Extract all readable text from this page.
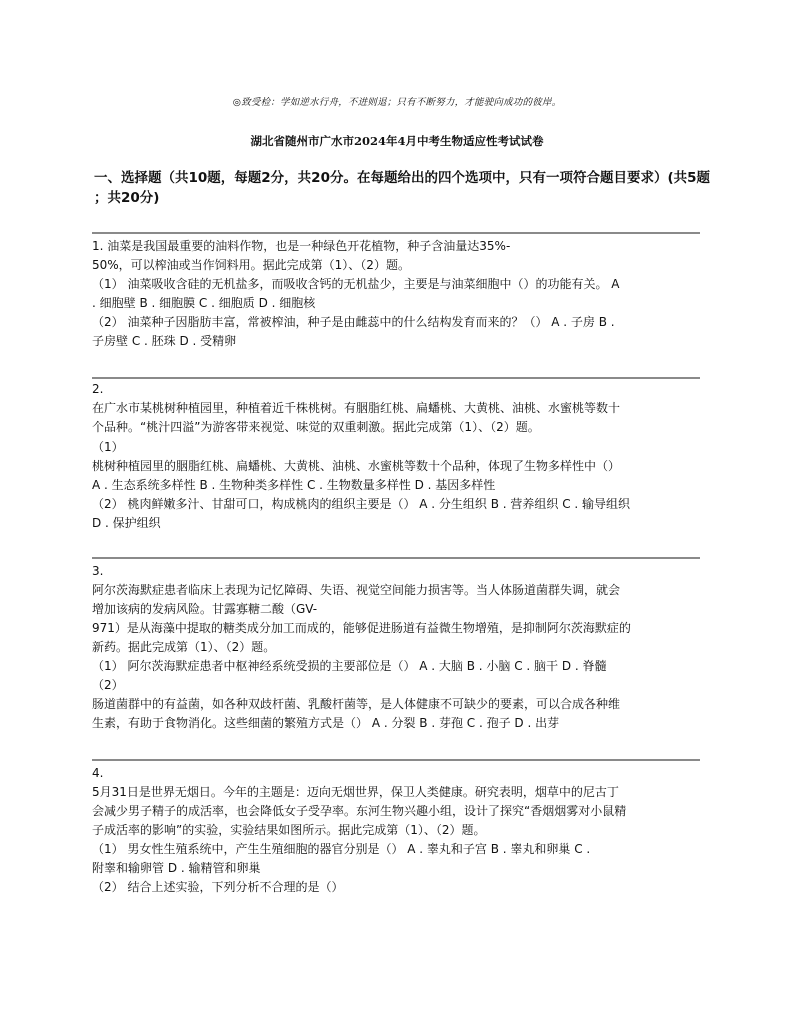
◎致受检：学如逆水行舟，不进则退；只有不断努力，才能驶向成功的彼岸。
湖北省随州市广水市2024年4月中考生物适应性考试试卷
一、选择题（共10题，每题2分，共20分。在每题给出的四个选项中，只有一项符合题目要求）(共5题
；共20分)
1. 油菜是我国最重要的油料作物，也是一种绿色开花植物，种子含油量达35%-
50%，可以榨油或当作饲料用。据此完成第（1）、（2）题。
（1） 油菜吸收含硅的无机盐多，而吸收含钙的无机盐少，主要是与油菜细胞中（）的功能有关。 A
. 细胞壁 B . 细胞膜 C . 细胞质 D . 细胞核
（2） 油菜种子因脂肪丰富，常被榨油，种子是由雌蕊中的什么结构发育而来的？（） A . 子房 B .
子房壁 C . 胚珠 D . 受精卵
2.
在广水市某桃树种植园里，种植着近千株桃树。有胭脂红桃、扁蟠桃、大黄桃、油桃、水蜜桃等数十
个品种。“桃汁四溢”为游客带来视觉、味觉的双重刺激。据此完成第（1）、（2）题。
（1）
桃树种植园里的胭脂红桃、扁蟠桃、大黄桃、油桃、水蜜桃等数十个品种，体现了生物多样性中（）
A . 生态系统多样性 B . 生物种类多样性 C . 生物数量多样性 D . 基因多样性
（2） 桃肉鲜嫩多汁、甘甜可口，构成桃肉的组织主要是（） A . 分生组织 B . 营养组织 C . 输导组织
D . 保护组织
3.
阿尔茨海默症患者临床上表现为记忆障碍、失语、视觉空间能力损害等。当人体肠道菌群失调，就会
增加该病的发病风险。甘露寡糖二酸（GV-
971）是从海藻中提取的糖类成分加工而成的，能够促进肠道有益微生物增殖，是抑制阿尔茨海默症的
新药。据此完成第（1）、（2）题。
（1） 阿尔茨海默症患者中枢神经系统受损的主要部位是（） A . 大脑 B . 小脑 C . 脑干 D . 脊髓
（2）
肠道菌群中的有益菌，如各种双歧杆菌、乳酸杆菌等，是人体健康不可缺少的要素，可以合成各种维
生素，有助于食物消化。这些细菌的繁殖方式是（） A . 分裂 B . 芽孢 C . 孢子 D . 出芽
4.
5月31日是世界无烟日。今年的主题是：迈向无烟世界，保卫人类健康。研究表明，烟草中的尼古丁
会减少男子精子的成活率，也会降低女子受孕率。东河生物兴趣小组，设计了探究“香烟烟雾对小鼠精
子成活率的影响”的实验，实验结果如图所示。据此完成第（1）、（2）题。
（1） 男女性生殖系统中，产生生殖细胞的器官分别是（） A . 睾丸和子宫 B . 睾丸和卵巢 C .
附睾和输卵管 D . 输精管和卵巢
（2） 结合上述实验，下列分析不合理的是（）
